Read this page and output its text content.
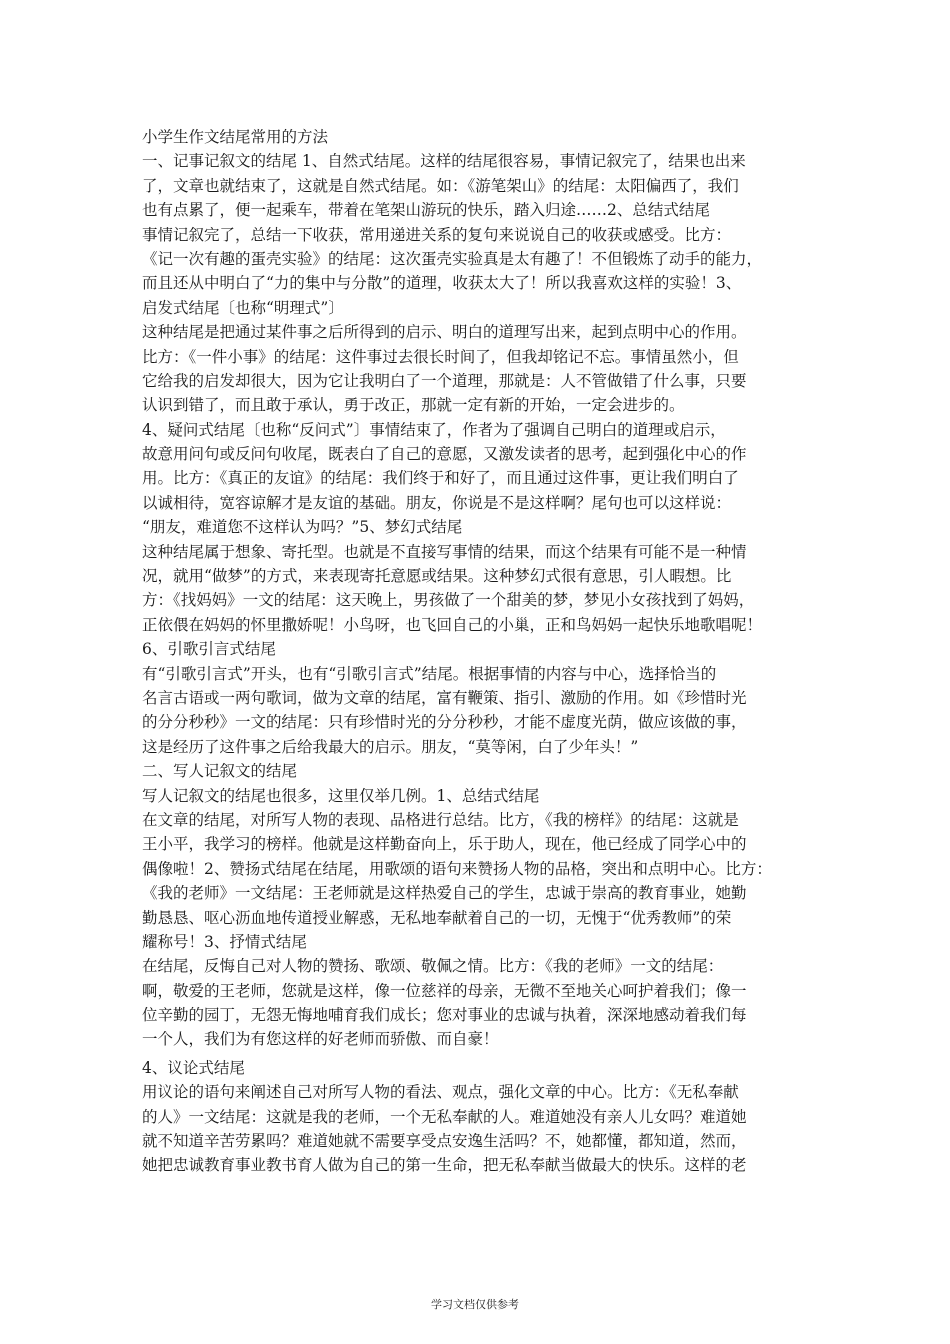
小学生作文结尾常用的方法
一、记事记叙文的结尾 1、自然式结尾。这样的结尾很容易，事情记叙完了，结果也出来
了，文章也就结束了，这就是自然式结尾。如：《游笔架山》的结尾：太阳偏西了，我们
也有点累了，便一起乘车，带着在笔架山游玩的快乐，踏入归途……2、总结式结尾
事情记叙完了，总结一下收获，常用递进关系的复句来说说自己的收获或感受。比方：
《记一次有趣的蛋壳实验》的结尾：这次蛋壳实验真是太有趣了！不但锻炼了动手的能力，
而且还从中明白了“力的集中与分散”的道理，收获太大了！所以我喜欢这样的实验！3、
启发式结尾〔也称“明理式”〕
这种结尾是把通过某件事之后所得到的启示、明白的道理写出来，起到点明中心的作用。
比方：《一件小事》的结尾：这件事过去很长时间了，但我却铭记不忘。事情虽然小，但
它给我的启发却很大，因为它让我明白了一个道理，那就是：人不管做错了什么事，只要
认识到错了，而且敢于承认，勇于改正，那就一定有新的开始，一定会进步的。
4、疑问式结尾〔也称“反问式”〕事情结束了，作者为了强调自己明白的道理或启示，
故意用问句或反问句收尾，既表白了自己的意愿，又激发读者的思考，起到强化中心的作
用。比方：《真正的友谊》的结尾：我们终于和好了，而且通过这件事，更让我们明白了
以诚相待，宽容谅解才是友谊的基础。朋友，你说是不是这样啊？尾句也可以这样说：
“朋友，难道您不这样认为吗？”5、梦幻式结尾
这种结尾属于想象、寄托型。也就是不直接写事情的结果，而这个结果有可能不是一种情
况，就用“做梦”的方式，来表现寄托意愿或结果。这种梦幻式很有意思，引人暇想。比
方：《找妈妈》一文的结尾：这天晚上，男孩做了一个甜美的梦，梦见小女孩找到了妈妈，
正依偎在妈妈的怀里撒娇呢！小鸟呀，也飞回自己的小巢，正和鸟妈妈一起快乐地歌唱呢！
6、引歌引言式结尾
有“引歌引言式”开头，也有“引歌引言式”结尾。根据事情的内容与中心，选择恰当的
名言古语或一两句歌词，做为文章的结尾，富有鞭策、指引、激励的作用。如《珍惜时光
的分分秒秒》一文的结尾：只有珍惜时光的分分秒秒，才能不虚度光荫，做应该做的事，
这是经历了这件事之后给我最大的启示。朋友，“莫等闲，白了少年头！”
二、写人记叙文的结尾
写人记叙文的结尾也很多，这里仅举几例。1、总结式结尾
在文章的结尾，对所写人物的表现、品格进行总结。比方，《我的榜样》的结尾：这就是
王小平，我学习的榜样。他就是这样勤奋向上，乐于助人，现在，他已经成了同学心中的
偶像啦！2、赞扬式结尾在结尾，用歌颂的语句来赞扬人物的品格，突出和点明中心。比方：
《我的老师》一文结尾：王老师就是这样热爱自己的学生，忠诚于崇高的教育事业，她勤
勤恳恳、呕心沥血地传道授业解惑，无私地奉献着自己的一切，无愧于“优秀教师”的荣
耀称号！3、抒情式结尾
在结尾，反悔自己对人物的赞扬、歌颂、敬佩之情。比方：《我的老师》一文的结尾：
啊，敬爱的王老师，您就是这样，像一位慈祥的母亲，无微不至地关心呵护着我们；像一
位辛勤的园丁，无怨无悔地哺育我们成长；您对事业的忠诚与执着，深深地感动着我们每
一个人，我们为有您这样的好老师而骄傲、而自豪！
4、议论式结尾
用议论的语句来阐述自己对所写人物的看法、观点，强化文章的中心。比方：《无私奉献
的人》一文结尾：这就是我的老师，一个无私奉献的人。难道她没有亲人儿女吗？难道她
就不知道辛苦劳累吗？难道她就不需要享受点安逸生活吗？不，她都懂，都知道，然而，
她把忠诚教育事业教书育人做为自己的第一生命，把无私奉献当做最大的快乐。这样的老
学习文档仅供参考
